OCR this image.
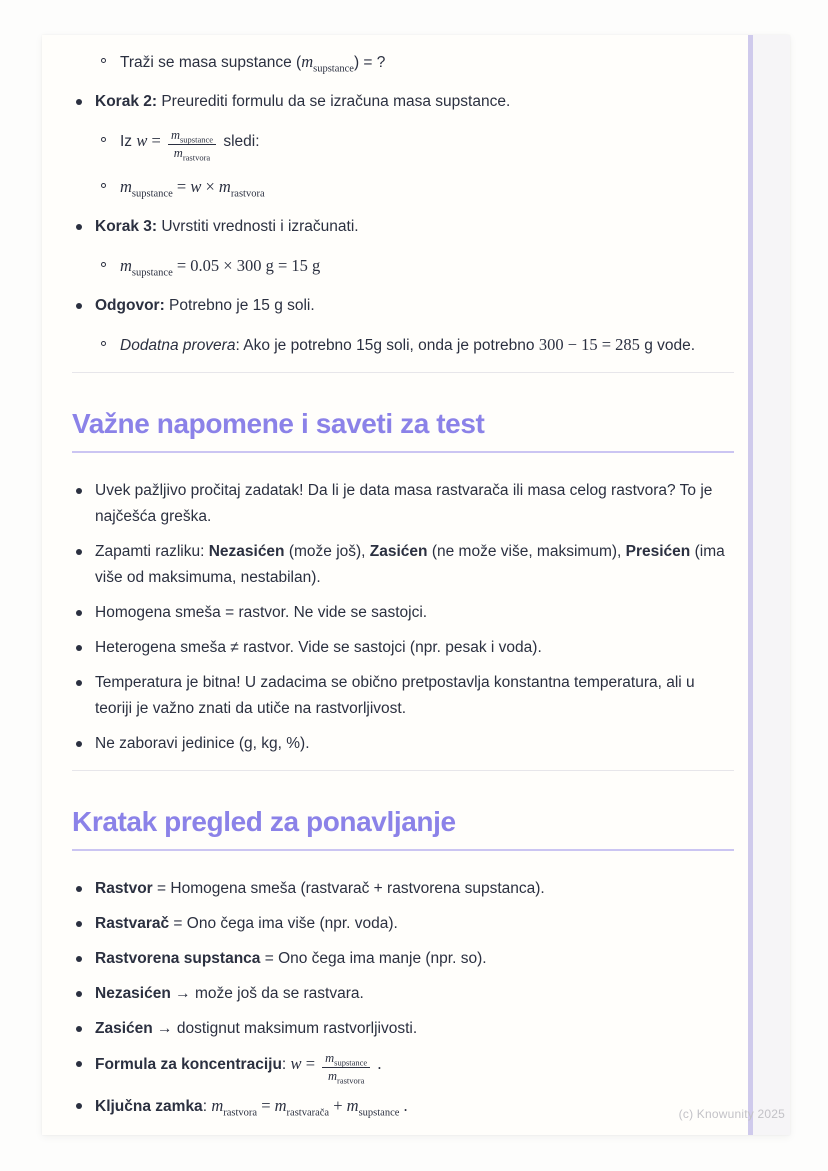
Traži se masa supstance $(m_{supstance})$ = ?
Korak 2: Preurediti formulu da se izračuna masa supstance.
Iz $w = \frac{m_{supstance}}{m_{rastvora}}$ sledi:
$m_{supstance} = w \times m_{rastvora}$
Korak 3: Uvrstiti vrednosti i izračunati.
$m_{supstance} = 0.05 \times 300$ g = 15 g
Odgovor: Potrebno je 15 g soli.
Dodatna provera: Ako je potrebno 15g soli, onda je potrebno 300 − 15 = 285 g vode.
Važne napomene i saveti za test
Uvek pažljivo pročitaj zadatak! Da li je data masa rastvarača ili masa celog rastvora? To je najčešća greška.
Zapamti razliku: Nezasićen (može još), Zasićen (ne može više, maksimum), Presićen (ima više od maksimuma, nestabilan).
Homogena smeša = rastvor. Ne vide se sastojci.
Heterogena smeša ≠ rastvor. Vide se sastojci (npr. pesak i voda).
Temperatura je bitna! U zadacima se obično pretpostavlja konstantna temperatura, ali u teoriji je važno znati da utiče na rastvorljivost.
Ne zaboravi jedinice (g, kg, %).
Kratak pregled za ponavljanje
Rastvor = Homogena smeša (rastvarač + rastvorena supstanca).
Rastvarač = Ono čega ima više (npr. voda).
Rastvorena supstanca = Ono čega ima manje (npr. so).
Nezasićen → može još da se rastvara.
Zasićen → dostignut maksimum rastvorljivosti.
Formula za koncentraciju: $w = \frac{m_{supstance}}{m_{rastvora}}$ .
Ključna zamka: $m_{rastvora} = m_{rastvarača} + m_{supstance}$ .	(c) Knowunity 2025
